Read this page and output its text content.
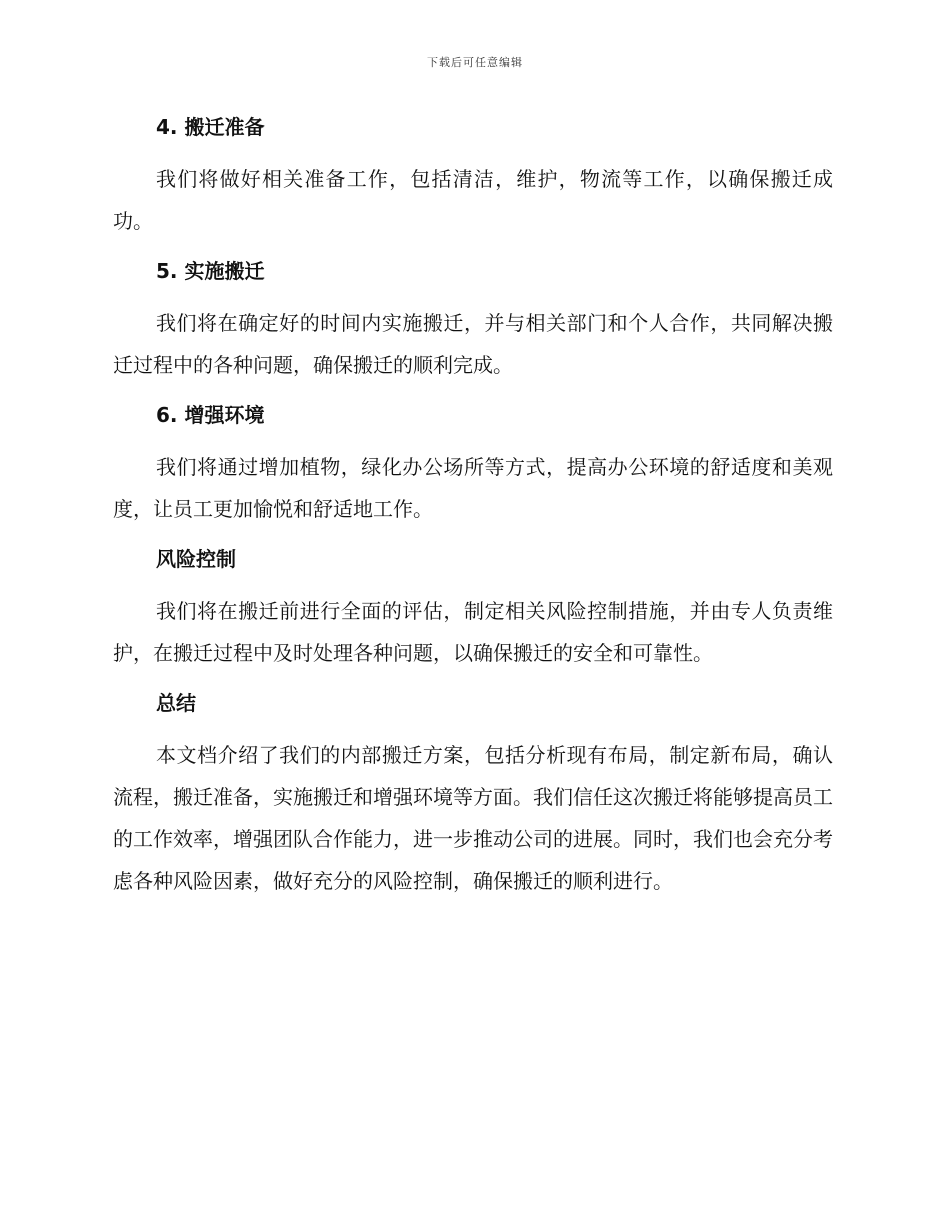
下载后可任意编辑
4. 搬迁准备

我们将做好相关准备工作，包括清洁，维护，物流等工作，以确保搬迁成功。

5. 实施搬迁

我们将在确定好的时间内实施搬迁，并与相关部门和个人合作，共同解决搬迁过程中的各种问题，确保搬迁的顺利完成。

6. 增强环境

我们将通过增加植物，绿化办公场所等方式，提高办公环境的舒适度和美观度，让员工更加愉悦和舒适地工作。

风险控制

我们将在搬迁前进行全面的评估，制定相关风险控制措施，并由专人负责维护，在搬迁过程中及时处理各种问题，以确保搬迁的安全和可靠性。

总结

本文档介绍了我们的内部搬迁方案，包括分析现有布局，制定新布局，确认流程，搬迁准备，实施搬迁和增强环境等方面。我们信任这次搬迁将能够提高员工的工作效率，增强团队合作能力，进一步推动公司的进展。同时，我们也会充分考虑各种风险因素，做好充分的风险控制，确保搬迁的顺利进行。
